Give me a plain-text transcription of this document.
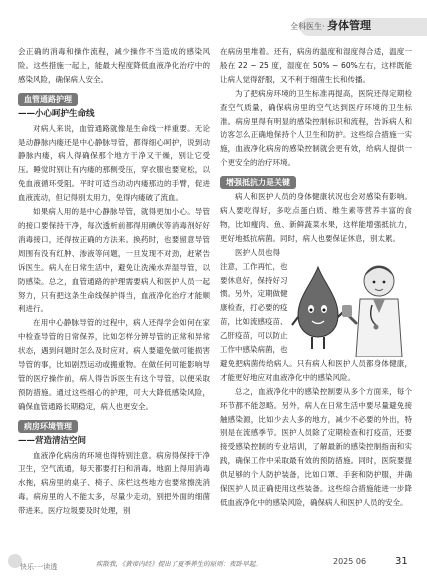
全科医生· 身体管理

会正确的消毒和操作流程，减少操作不当造成的感染风险。这些措施一起上，能最大程度降低血液净化治疗中的感染风险，确保病人安全。

血管通路护理
——小心呵护生命线

对病人来说，血管通路就像是生命线一样重要。无论是动静脉内瘘还是中心静脉导管，都得细心呵护，说到动静脉内瘘，病人得确保那个地方干净又干燥，别让它受压。睡觉时别让有内瘘的那侧受压，穿衣服也要宽松，以免血液循环受阻。平时可适当动动内瘘那边的手臂，促进血液流动，但记得别太用力，免得内瘘破了流血。

如果病人用的是中心静脉导管，就得更加小心。导管的接口要保持干净，每次透析前都得用碘伏等消毒剂好好消毒接口，还得按正确的方法来。换药时，也要留意导管周围有没有红肿、渗液等问题，一旦发现不对劲，赶紧告诉医生。病人在日常生活中，避免让洗澡水弄湿导管，以防感染。总之，血管通路的护理需要病人和医护人员一起努力，只有把这条生命线保护得当，血液净化治疗才能顺利进行。

在用中心静脉导管的过程中，病人还得学会如何在家中检查导管的日常保养，比如怎样分辨导管的正常和异常状态，遇到问题时怎么及时应对。病人要避免做可能损害导管的事，比如剧烈运动或搬重物。在做任何可能影响导管的医疗操作前，病人得告诉医生有这个导管，以便采取预防措施。通过这些细心的护理，可大大降低感染风险，确保血管通路长期稳定，病人也更安全。

病房环境管理
——营造清洁空间

血液净化病房的环境也得特别注意。病房得保持干净卫生，空气流通，每天都要打扫和消毒。地面上得用消毒水拖，病房里的桌子、椅子、床栏这些地方也要常擦洗消毒。病房里的人不能太多，尽量少走动，别把外面的细菌带进来。医疗垃圾要及时处理，别

在病房里堆着。还有，病房的温度和湿度得合适，温度一般在 22 ~ 25 度，湿度在 50% ~ 60%左右，这样既能让病人觉得舒服，又不利于细菌生长和传播。

为了把病房环境的卫生标准再提高，医院还得定期检查空气质量，确保病房里的空气达到医疗环境的卫生标准。病房里得有明显的感染控制标识和流程，告诉病人和访客怎么正确地保持个人卫生和防护。这些综合措施一实施，血液净化病房的感染控制就会更有效，给病人提供一个更安全的治疗环境。

增强抵抗力是关键

病人和医护人员的身体健康状况也会对感染有影响。病人要吃得好，多吃点蛋白质、维生素等营养丰富的食物，比如瘦肉、鱼、新鲜蔬菜水果，这样能增强抵抗力，更好地抵抗病菌。同时，病人也要保证休息，别太累。

医护人员也得
注意，工作再忙，也
要休息好，保持好习
惯。另外，定期做健
康检查，打必要的疫
苗，比如流感疫苗、
乙肝疫苗，可以防止
工作中感染病菌，也

避免把病菌传给病人。只有病人和医护人员都身体健康，才能更好地应对血液净化中的感染风险。

总之，血液净化中的感染控制要从多个方面来，每个环节都不能忽略。另外，病人在日常生活中要尽量避免接触感染源，比如少去人多的地方，减少不必要的外出，特别是在流感季节。医护人员除了定期检查和打疫苗，还要接受感染控制的专业培训，了解最新的感染控制指南和实践，确保工作中采取最有效的预防措施。同时，医院要提供足够的个人防护装备，比如口罩、手套和防护服，并确保医护人员正确使用这些装备。这些综合措施能进一步降低血液净化中的感染风险，确保病人和医护人员的安全。

快乐·一读透	疾散我，《黄帝内经》提出了夏季养生的原则：夜卧早起。	2025 06	31
